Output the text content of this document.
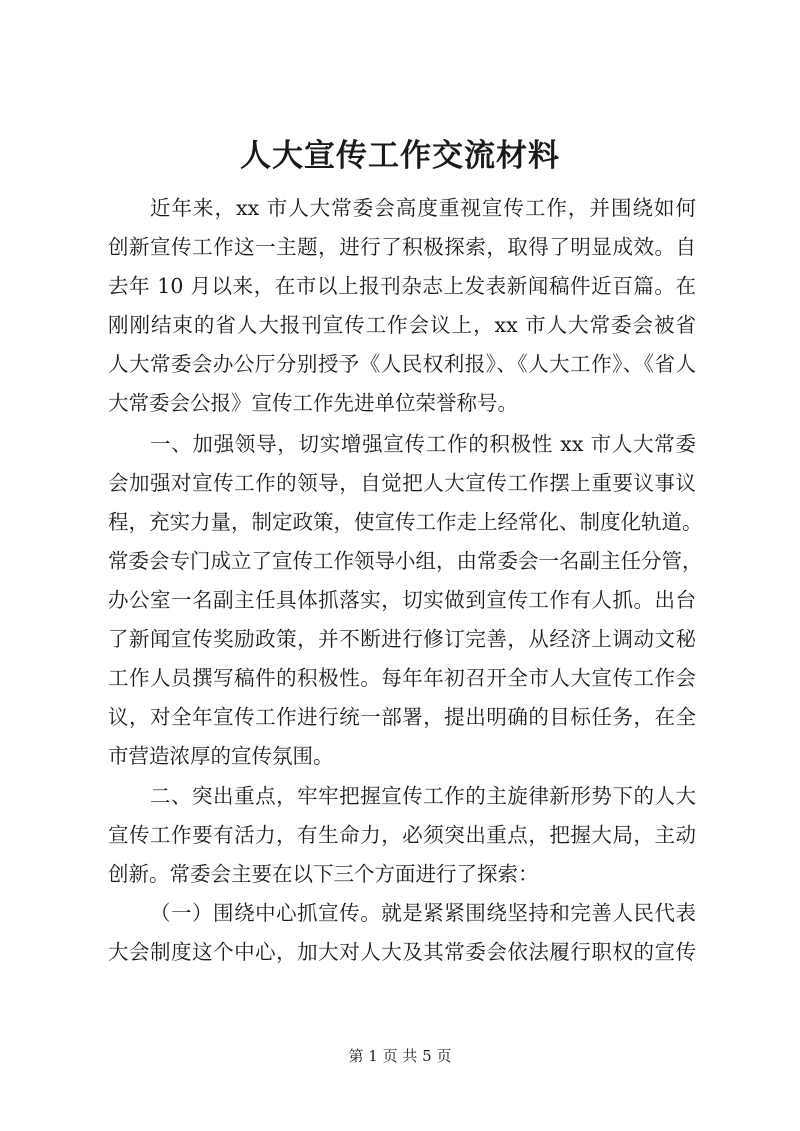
人大宣传工作交流材料
近年来，xx 市人大常委会高度重视宣传工作，并围绕如何
创新宣传工作这一主题，进行了积极探索，取得了明显成效。自
去年 10 月以来，在市以上报刊杂志上发表新闻稿件近百篇。在
刚刚结束的省人大报刊宣传工作会议上，xx 市人大常委会被省
人大常委会办公厅分别授予《人民权利报》、《人大工作》、《省人
大常委会公报》宣传工作先进单位荣誉称号。
一、加强领导，切实增强宣传工作的积极性 xx 市人大常委
会加强对宣传工作的领导，自觉把人大宣传工作摆上重要议事议
程，充实力量，制定政策，使宣传工作走上经常化、制度化轨道。
常委会专门成立了宣传工作领导小组，由常委会一名副主任分管，
办公室一名副主任具体抓落实，切实做到宣传工作有人抓。出台
了新闻宣传奖励政策，并不断进行修订完善，从经济上调动文秘
工作人员撰写稿件的积极性。每年年初召开全市人大宣传工作会
议，对全年宣传工作进行统一部署，提出明确的目标任务，在全
市营造浓厚的宣传氛围。
二、突出重点，牢牢把握宣传工作的主旋律新形势下的人大
宣传工作要有活力，有生命力，必须突出重点，把握大局，主动
创新。常委会主要在以下三个方面进行了探索：
（一）围绕中心抓宣传。就是紧紧围绕坚持和完善人民代表
大会制度这个中心，加大对人大及其常委会依法履行职权的宣传
第 1 页 共 5 页
